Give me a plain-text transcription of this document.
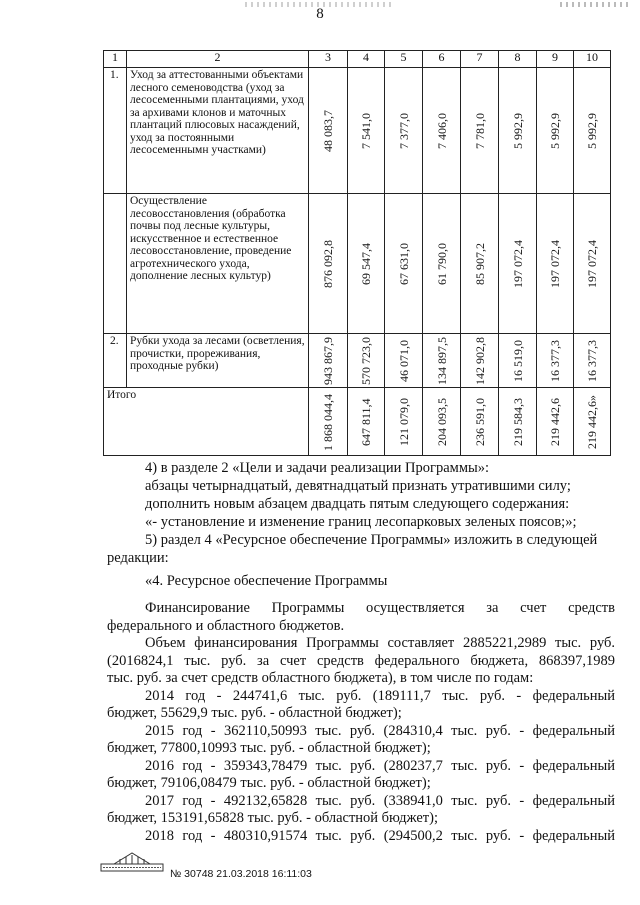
8
1	2	3	4	5	6	7	8	9	10
1.	Уход за аттестованными объектами лесного семеноводства (уход за лесосеменными плантациями, уход за архивами клонов и маточных плантаций плюсовых насаждений, уход за постоянными лесосеменнымн участками)	48 083,7	7 541,0	7 377,0	7 406,0	7 781,0	5 992,9	5 992,9	5 992,9

	Осуществление лесовосстановления (обработка почвы под лесные культуры, искусственное и естественное лесовосстановление, проведение агротехнического ухода, дополнение лесных культур)	876 092,8	69 547,4	67 631,0	61 790,0	85 907,2	197 072,4	197 072,4	197 072,4

2.	Рубки ухода за лесами (осветления, прочистки, прореживания, проходные рубки)	943 867,9	570 723,0	46 071,0	134 897,5	142 902,8	16 519,0	16 377,3	16 377,3

Итого		1 868 044,4	647 811,4	121 079,0	204 093,5	236 591,0	219 584,3	219 442,6	219 442,6»
4) в разделе 2 «Цели и задачи реализации Программы»:
абзацы четырнадцатый, девятнадцатый признать утратившими силу;
дополнить новым абзацем двадцать пятым следующего содержания:
«- установление и изменение границ лесопарковых зеленых поясов;»;
5) раздел 4 «Ресурсное обеспечение Программы» изложить в следующей
редакции:
«4. Ресурсное обеспечение Программы
Финансирование Программы осуществляется за счет средств
федерального и областного бюджетов.
Объем финансирования Программы составляет 2885221,2989 тыс. руб.
(2016824,1 тыс. руб. за счет средств федерального бюджета, 868397,1989
тыс. руб. за счет средств областного бюджета), в том числе по годам:
2014 год - 244741,6 тыс. руб. (189111,7 тыс. руб. - федеральный
бюджет, 55629,9 тыс. руб. - областной бюджет);
2015 год - 362110,50993 тыс. руб. (284310,4 тыс. руб. - федеральный
бюджет, 77800,10993 тыс. руб. - областной бюджет);
2016 год - 359343,78479 тыс. руб. (280237,7 тыс. руб. - федеральный
бюджет, 79106,08479 тыс. руб. - областной бюджет);
2017 год - 492132,65828 тыс. руб. (338941,0 тыс. руб. - федеральный
бюджет, 153191,65828 тыс. руб. - областной бюджет);
2018 год - 480310,91574 тыс. руб. (294500,2 тыс. руб. - федеральный
№ 30748 21.03.2018 16:11:03
